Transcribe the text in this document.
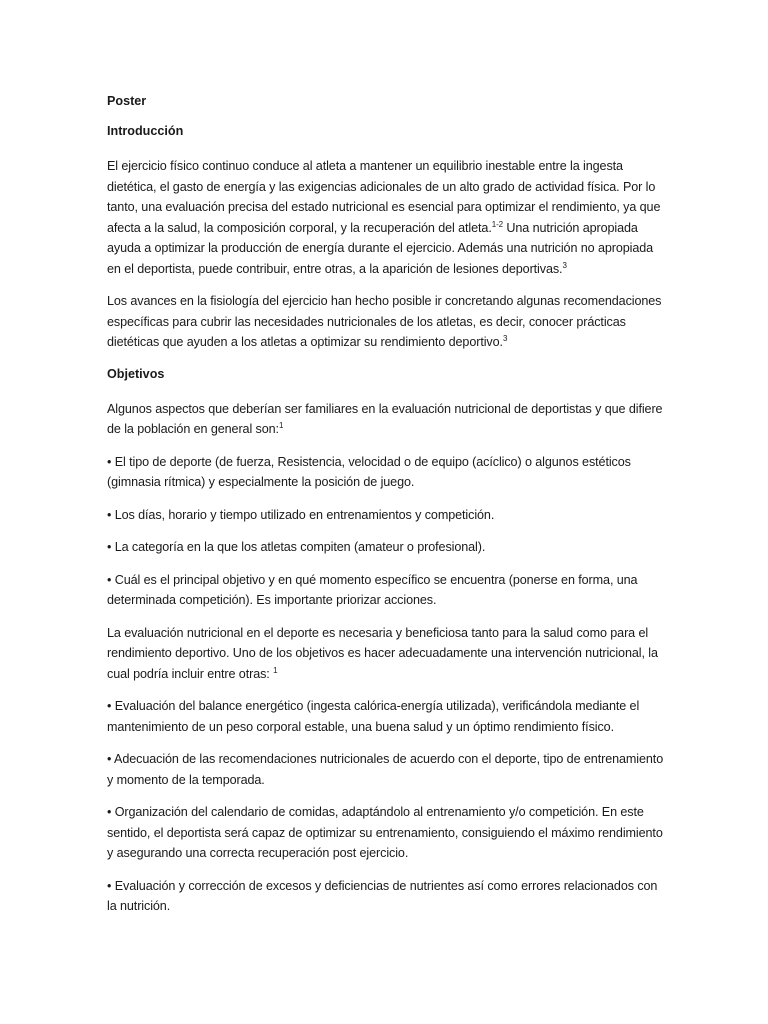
Poster
Introducción

El ejercicio físico continuo conduce al atleta a mantener un equilibrio inestable entre la ingesta dietética, el gasto de energía y las exigencias adicionales de un alto grado de actividad física. Por lo tanto, una evaluación precisa del estado nutricional es esencial para optimizar el rendimiento, ya que afecta a la salud, la composición corporal, y la recuperación del atleta.$^{1-2}$ Una nutrición apropiada ayuda a optimizar la producción de energía durante el ejercicio. Además una nutrición no apropiada en el deportista, puede contribuir, entre otras, a la aparición de lesiones deportivas.$^3$

Los avances en la fisiología del ejercicio han hecho posible ir concretando algunas recomendaciones específicas para cubrir las necesidades nutricionales de los atletas, es decir, conocer prácticas dietéticas que ayuden a los atletas a optimizar su rendimiento deportivo.$^3$

Objetivos

Algunos aspectos que deberían ser familiares en la evaluación nutricional de deportistas y que difiere de la población en general son:$^1$

• El tipo de deporte (de fuerza, Resistencia, velocidad o de equipo (acíclico) o algunos estéticos (gimnasia rítmica) y especialmente la posición de juego.

• Los días, horario y tiempo utilizado en entrenamientos y competición.

• La categoría en la que los atletas compiten (amateur o profesional).

• Cuál es el principal objetivo y en qué momento específico se encuentra (ponerse en forma, una determinada competición). Es importante priorizar acciones.

La evaluación nutricional en el deporte es necesaria y beneficiosa tanto para la salud como para el rendimiento deportivo. Uno de los objetivos es hacer adecuadamente una intervención nutricional, la cual podría incluir entre otras: $^1$

• Evaluación del balance energético (ingesta calórica-energía utilizada), verificándola mediante el mantenimiento de un peso corporal estable, una buena salud y un óptimo rendimiento físico.

• Adecuación de las recomendaciones nutricionales de acuerdo con el deporte, tipo de entrenamiento y momento de la temporada.

• Organización del calendario de comidas, adaptándolo al entrenamiento y/o competición. En este sentido, el deportista será capaz de optimizar su entrenamiento, consiguiendo el máximo rendimiento y asegurando una correcta recuperación post ejercicio.

• Evaluación y corrección de excesos y deficiencias de nutrientes así como errores relacionados con la nutrición.
